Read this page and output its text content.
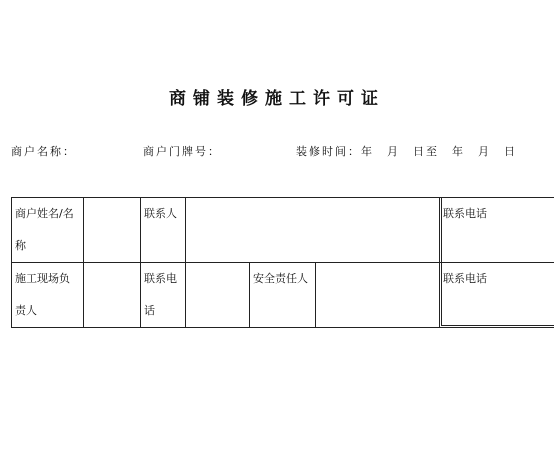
商铺装修施工许可证
商户名称：	商户门牌号：	装修时间：年　月　日至　年　月　日
商户姓名/名称		联系人				联系电话
施工现场负责人		联系电话		安全责任人		联系电话
